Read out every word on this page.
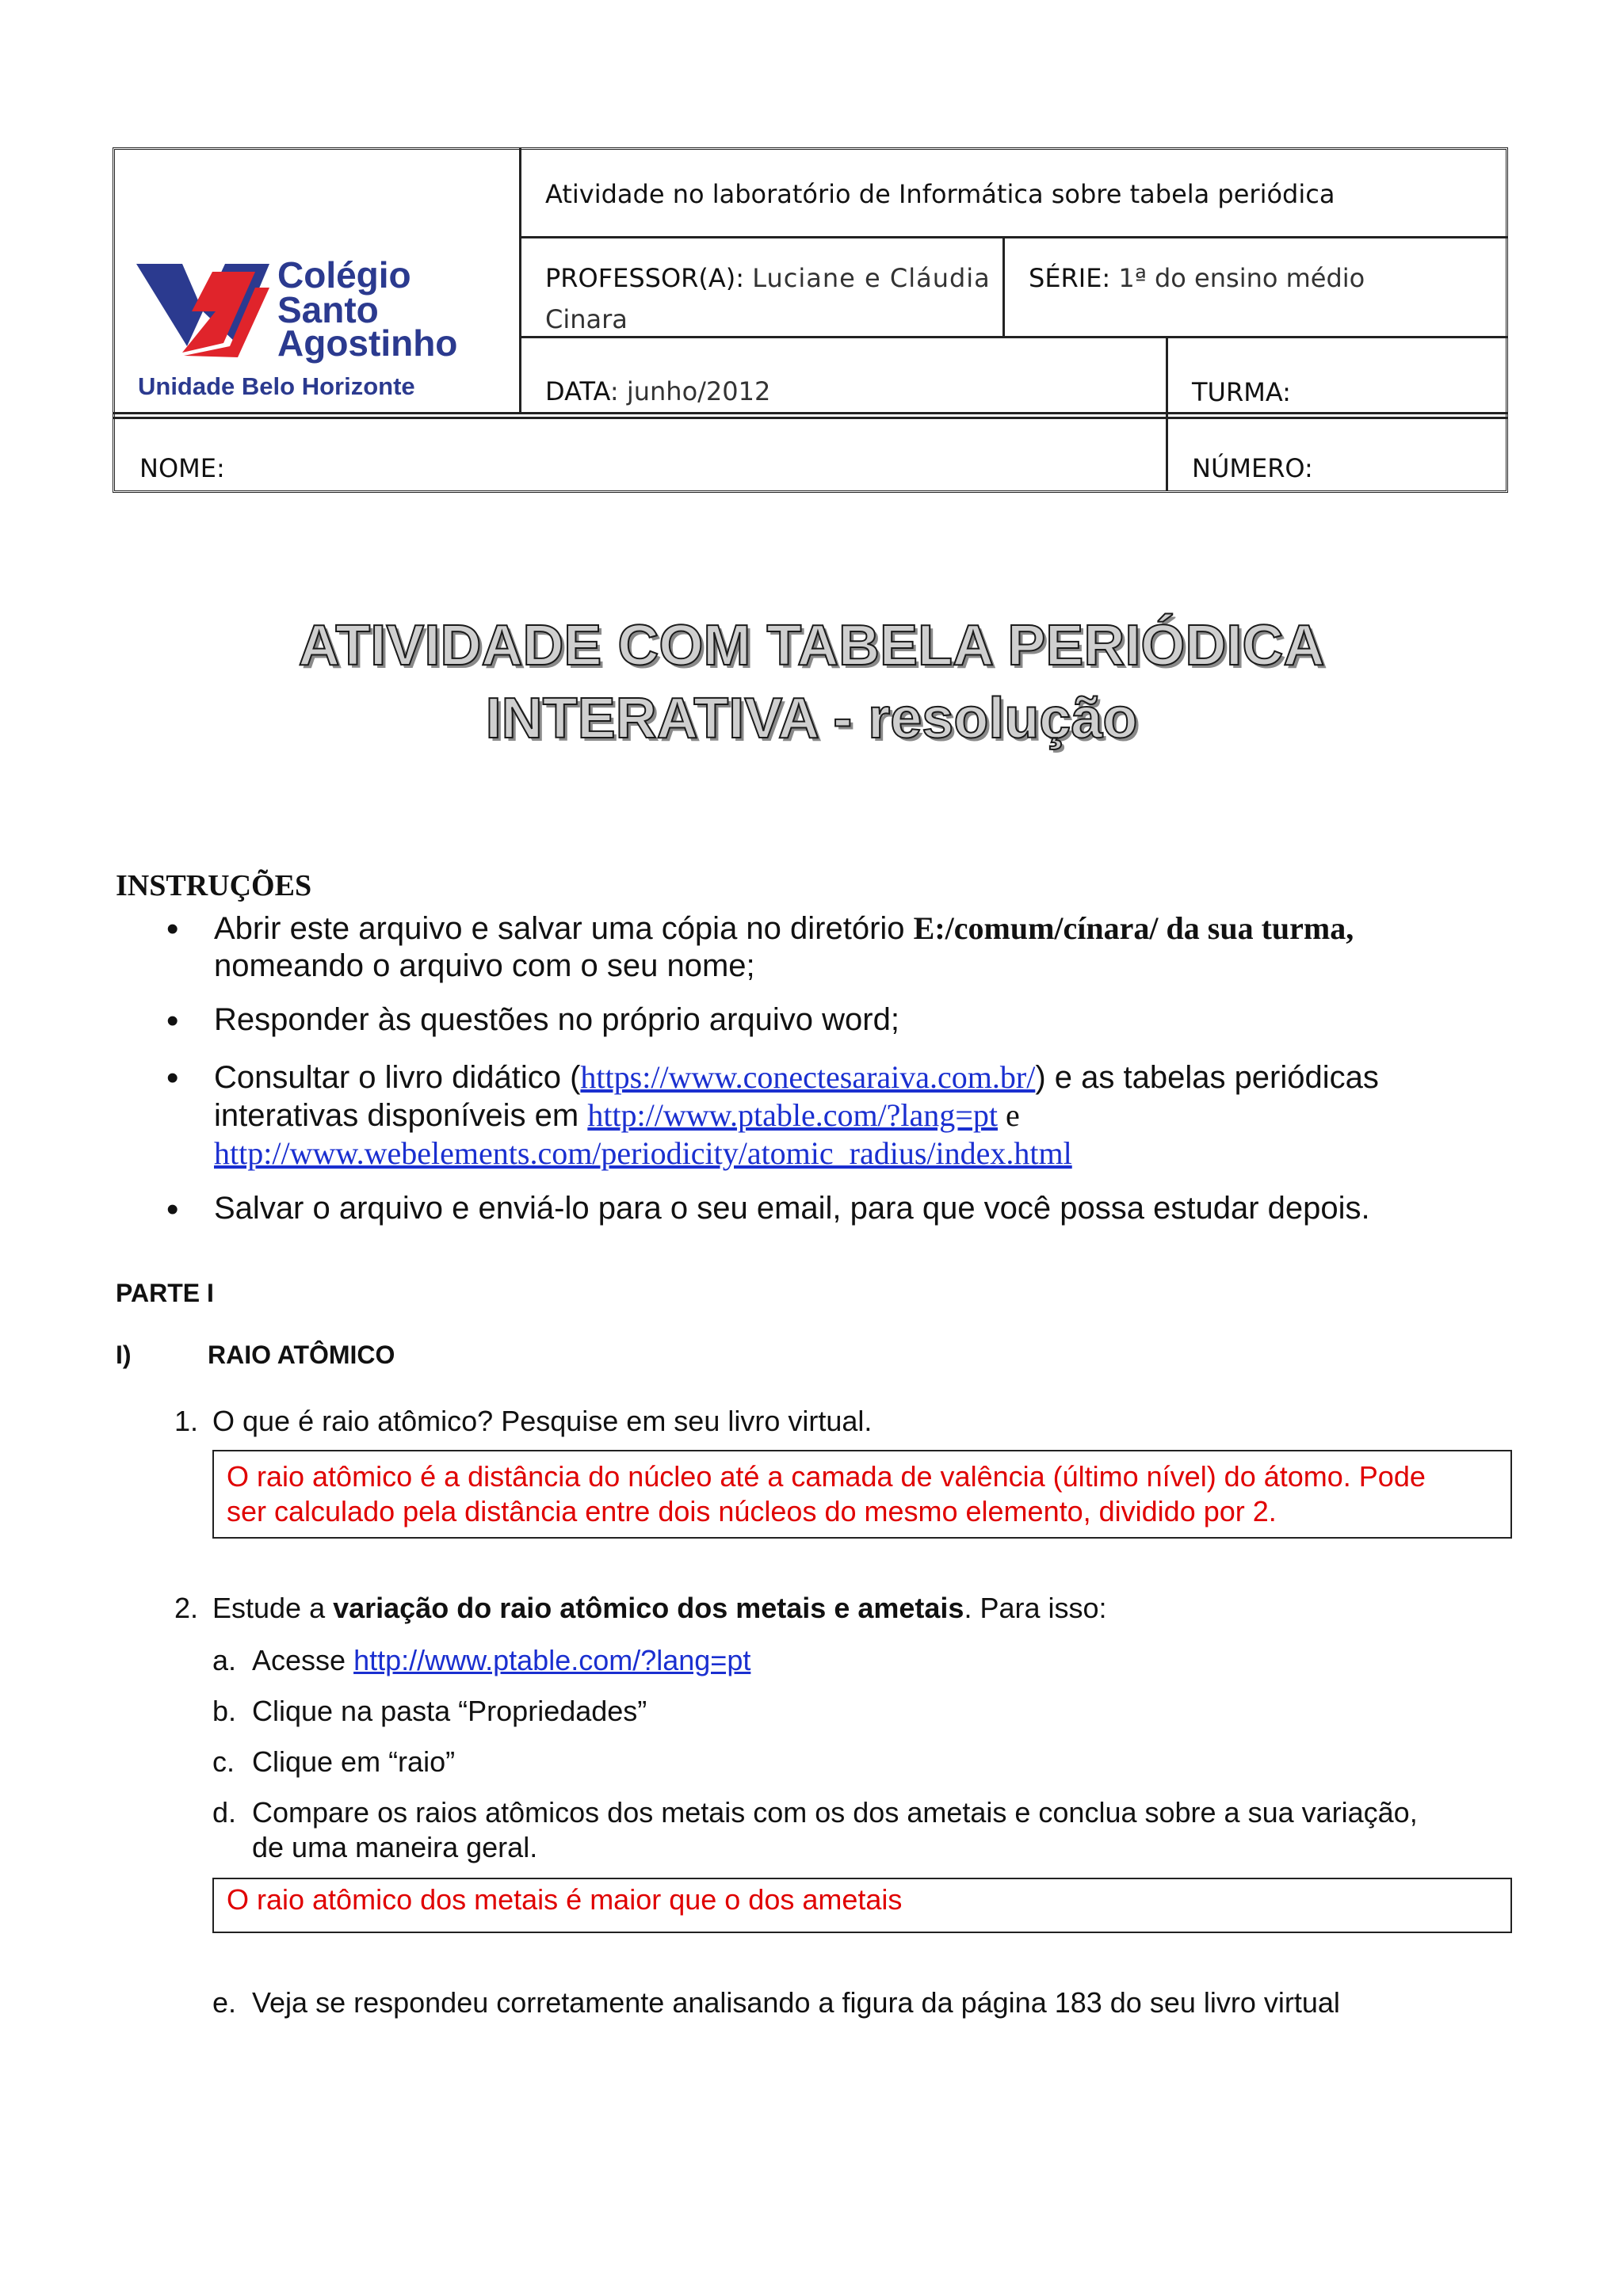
Colégio
Santo
Agostinho
Unidade Belo Horizonte
Atividade no laboratório de Informática sobre tabela periódica
PROFESSOR(A): Luciane e Cláudia
Cinara
SÉRIE: 1ª do ensino médio
DATA: junho/2012	TURMA:
NOME:	NÚMERO:
ATIVIDADE COM TABELA PERIÓDICA
INTERATIVA - resolução
INSTRUÇÕES
• Abrir este arquivo e salvar uma cópia no diretório E:/comum/cínara/ da sua turma,
nomeando o arquivo com o seu nome;
• Responder às questões no próprio arquivo word;
• Consultar o livro didático (https://www.conectesaraiva.com.br/) e as tabelas periódicas
interativas disponíveis em http://www.ptable.com/?lang=pt e
http://www.webelements.com/periodicity/atomic_radius/index.html
• Salvar o arquivo e enviá-lo para o seu email, para que você possa estudar depois.
PARTE I
I)	RAIO ATÔMICO
1. O que é raio atômico? Pesquise em seu livro virtual.
O raio atômico é a distância do núcleo até a camada de valência (último nível) do átomo. Pode
ser calculado pela distância entre dois núcleos do mesmo elemento, dividido por 2.
2. Estude a variação do raio atômico dos metais e ametais. Para isso:
a. Acesse http://www.ptable.com/?lang=pt
b. Clique na pasta “Propriedades”
c. Clique em “raio”
d. Compare os raios atômicos dos metais com os dos ametais e conclua sobre a sua variação,
de uma maneira geral.
O raio atômico dos metais é maior que o dos ametais
e. Veja se respondeu corretamente analisando a figura da página 183 do seu livro virtual
